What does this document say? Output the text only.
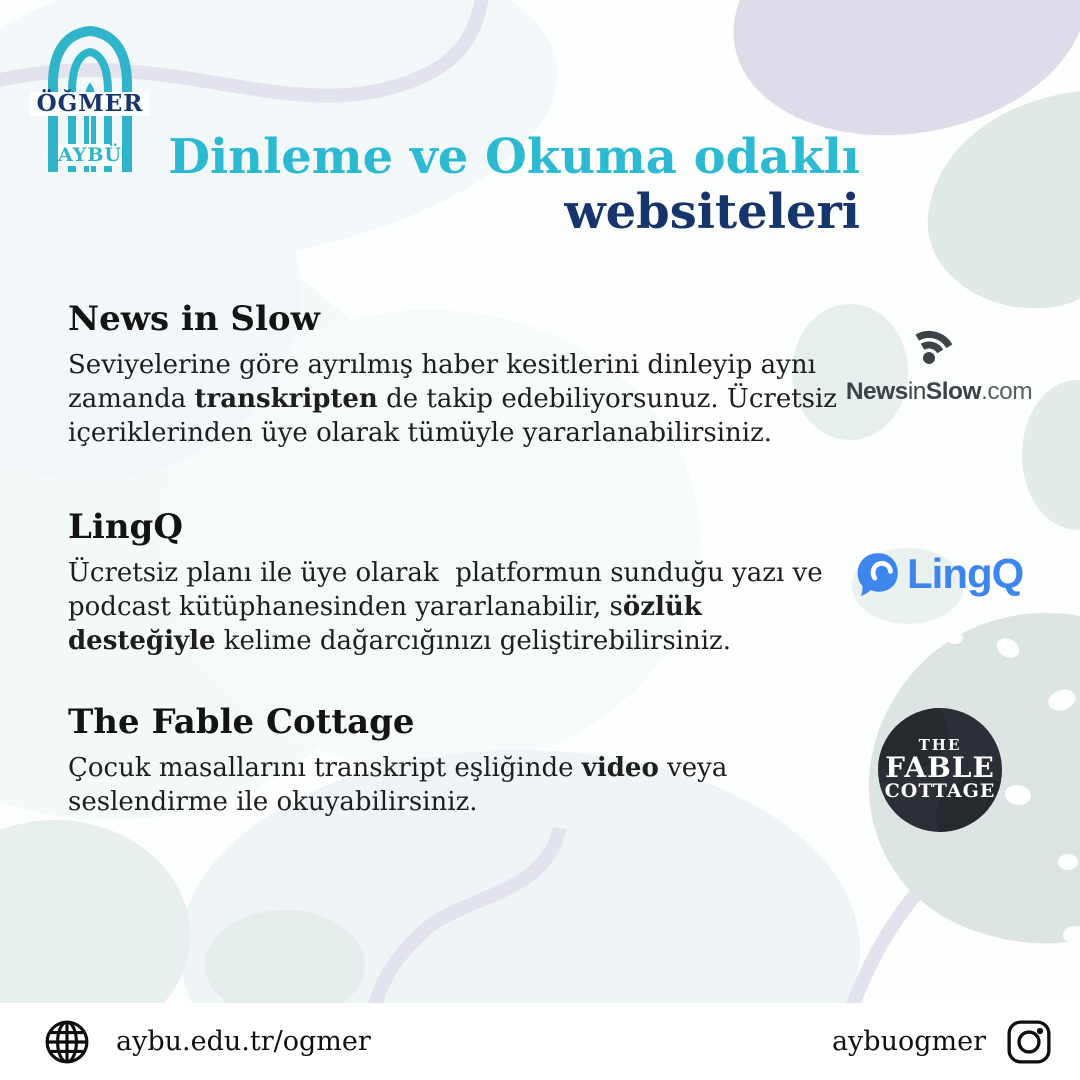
ÖĞMER
AYBÜ Dinleme ve Okuma odaklı
websiteleri
News in Slow
Seviyelerine göre ayrılmış haber kesitlerini dinleyip aynı
zamanda transkripten de takip edebiliyorsunuz. Ücretsiz
içeriklerinden üye olarak tümüyle yararlanabilirsiniz.
LingQ
Ücretsiz planı ile üye olarak  platformun sunduğu yazı ve
podcast kütüphanesinden yararlanabilir, sözlük
desteğiyle kelime dağarcığınızı geliştirebilirsiniz.
The Fable Cottage
Çocuk masallarını transkript eşliğinde video veya
seslendirme ile okuyabilirsiniz.
NewsinSlow.com
LingQ
THE
FABLE
COTTAGE
aybu.edu.tr/ogmer	aybuogmer
